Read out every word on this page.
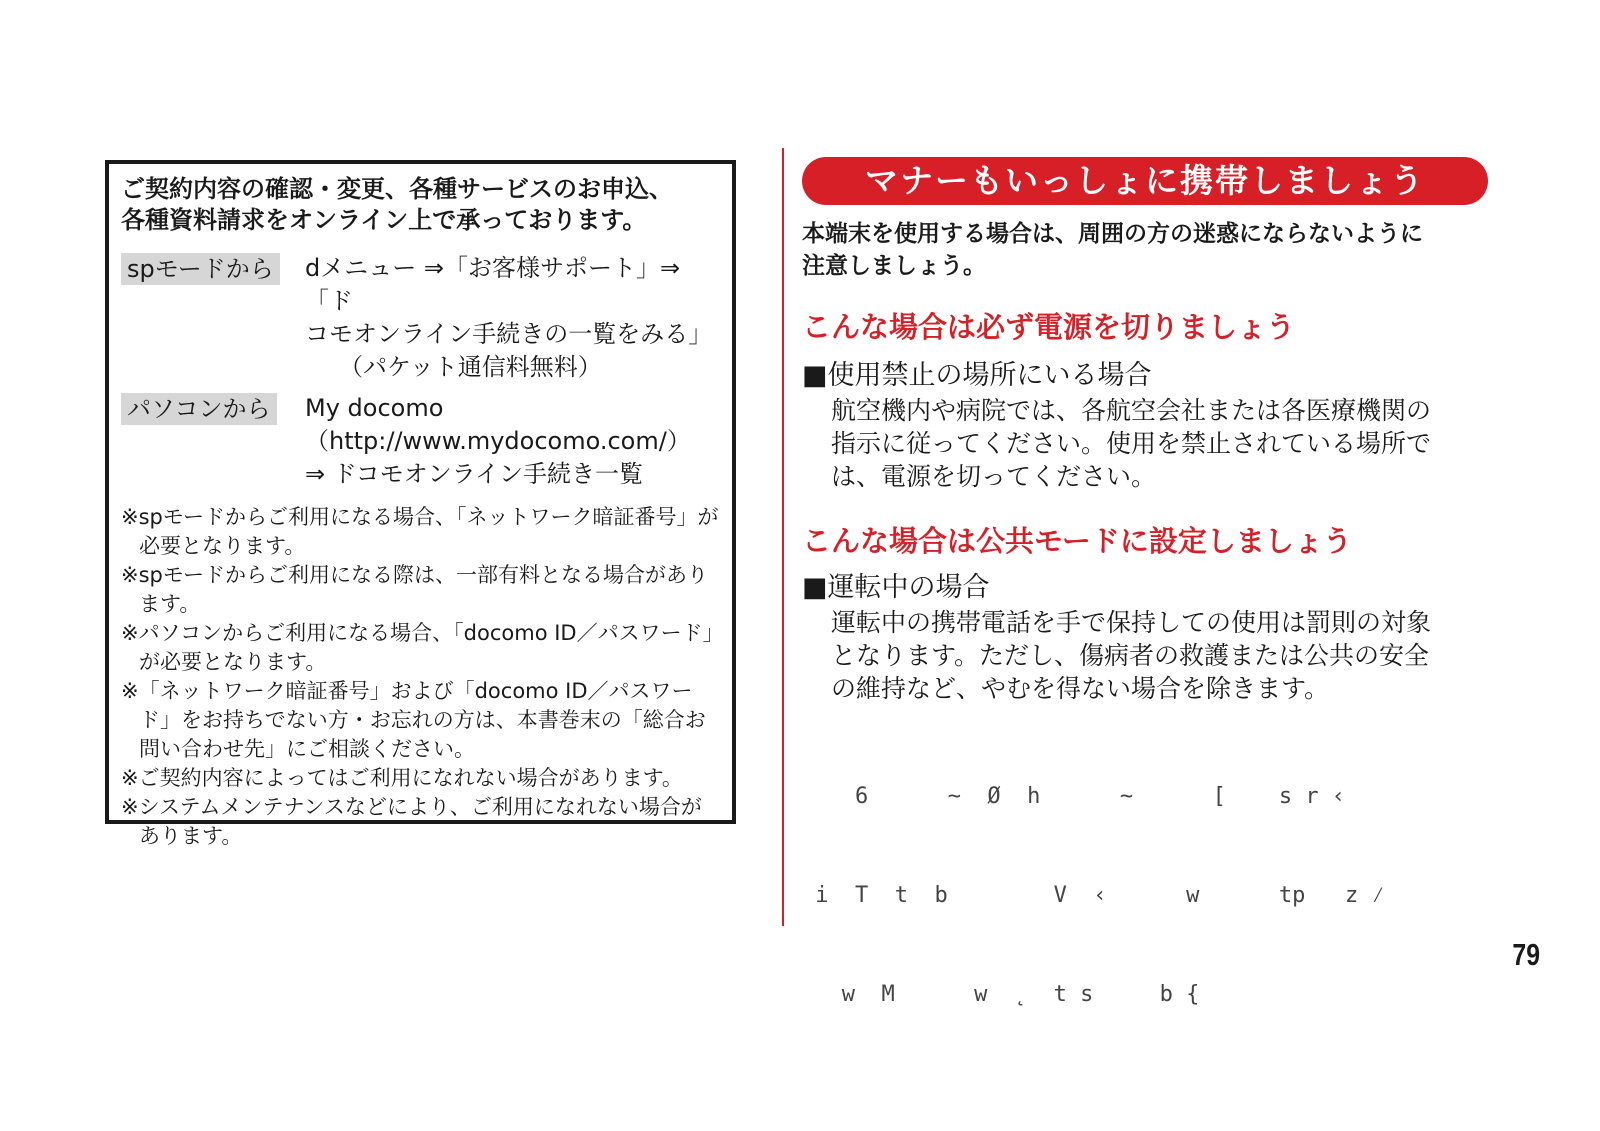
ご契約内容の確認・変更、各種サービスのお申込、
各種資料請求をオンライン上で承っております。

spモードから dメニュー ⇒「お客様サポート」⇒「ド
コモオンライン手続きの一覧をみる」
（パケット通信料無料）
パソコンから My docomo
（http://www.mydocomo.com/）
⇒ ドコモオンライン手続き一覧

※spモードからご利用になる場合、「ネットワーク暗証番号」が必要となります。

※spモードからご利用になる際は、一部有料となる場合があります。

※パソコンからご利用になる場合、「docomo ID／パスワード」が必要となります。

※「ネットワーク暗証番号」および「docomo ID／パスワード」をお持ちでない方・お忘れの方は、本書巻末の「総合お問い合わせ先」にご相談ください。

※ご契約内容によってはご利用になれない場合があります。

※システムメンテナンスなどにより、ご利用になれない場合があります。

マナーもいっしょに携帯しましょう

本端末を使用する場合は、周囲の方の迷惑にならないように
注意しましょう。

こんな場合は必ず電源を切りましょう

■使用禁止の場所にいる場合

航空機内や病院では、各航空会社または各医療機関の
指示に従ってください。使用を禁止されている場所で
は、電源を切ってください。

こんな場合は公共モードに設定しましょう

■運転中の場合

運転中の携帯電話を手で保持しての使用は罰則の対象
となります。ただし、傷病者の救護または公共の安全
の維持など、やむを得ない場合を除きます。

6      ~  Ø  h      ~      [    s r ‹

i  T  t  b        V  ‹      w      tp   z ⁄

w  M      w  ˛  t s     b {

79
